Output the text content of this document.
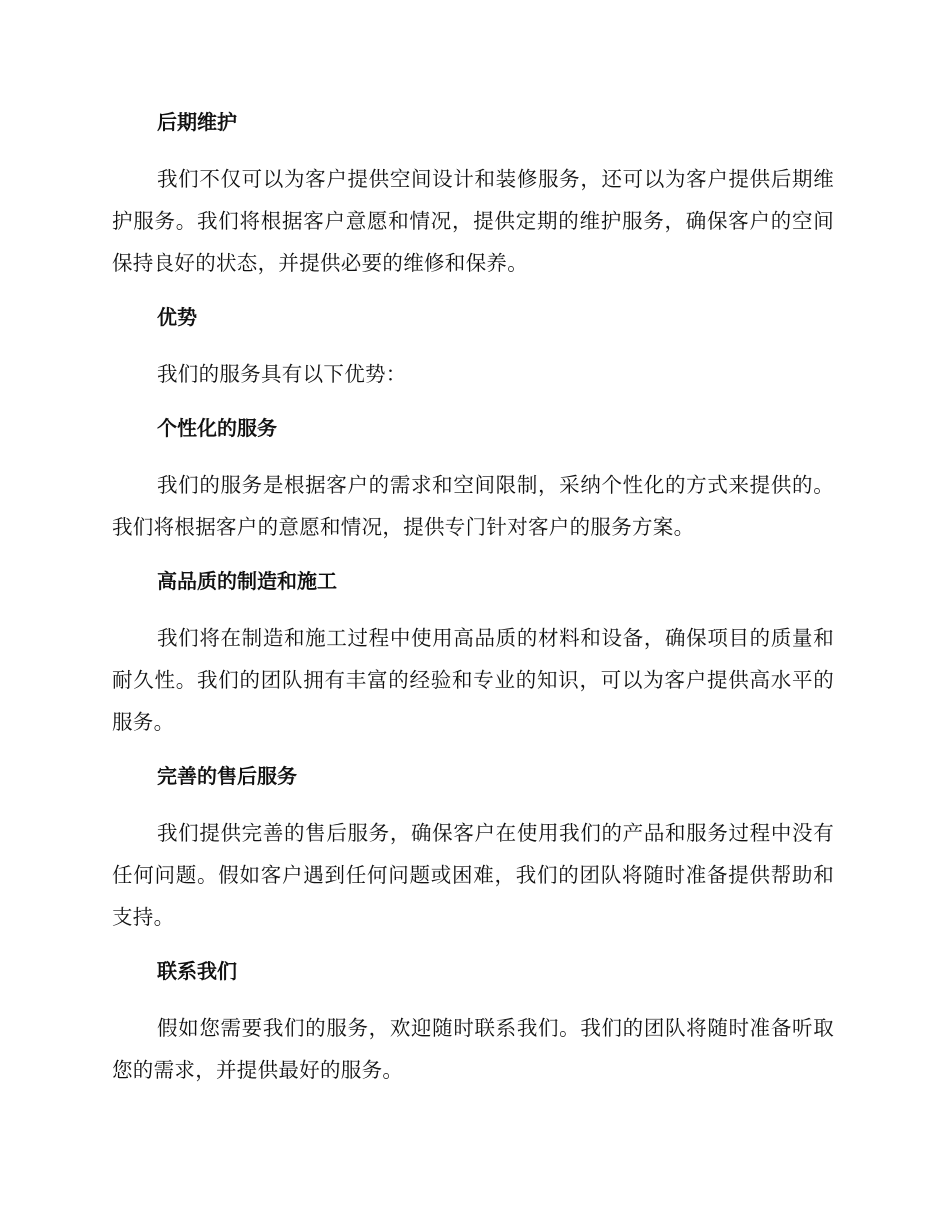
后期维护

我们不仅可以为客户提供空间设计和装修服务，还可以为客户提供后期维护服务。我们将根据客户意愿和情况，提供定期的维护服务，确保客户的空间保持良好的状态，并提供必要的维修和保养。

优势

我们的服务具有以下优势：

个性化的服务

我们的服务是根据客户的需求和空间限制，采纳个性化的方式来提供的。我们将根据客户的意愿和情况，提供专门针对客户的服务方案。

高品质的制造和施工

我们将在制造和施工过程中使用高品质的材料和设备，确保项目的质量和耐久性。我们的团队拥有丰富的经验和专业的知识，可以为客户提供高水平的服务。

完善的售后服务

我们提供完善的售后服务，确保客户在使用我们的产品和服务过程中没有任何问题。假如客户遇到任何问题或困难，我们的团队将随时准备提供帮助和支持。

联系我们

假如您需要我们的服务，欢迎随时联系我们。我们的团队将随时准备听取您的需求，并提供最好的服务。
